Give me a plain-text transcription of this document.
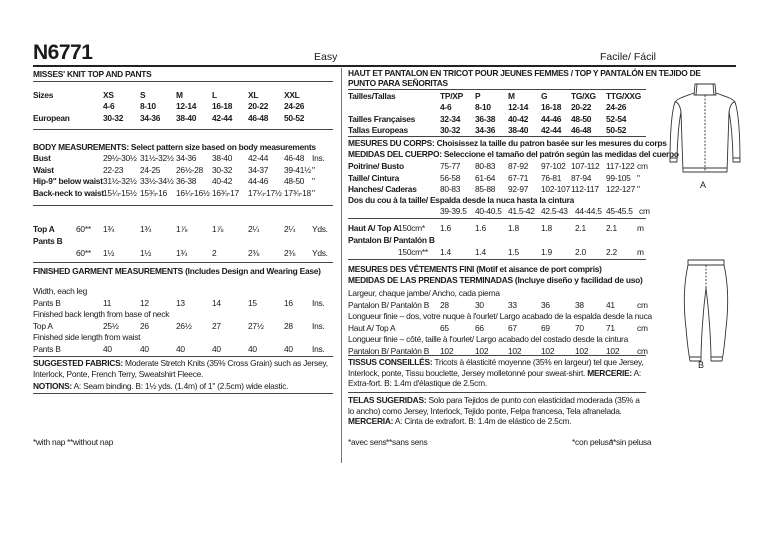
N6771	Easy	Facile/ Fácil
MISSES' KNIT TOP AND PANTS
Sizes	XS	S	M	L	XL	XXL
4-6	8-10 12-14 16-18 20-22 24-26
European	30-32 34-36 38-40 42-44 46-48 50-52
BODY MEASUREMENTS: Select pattern size based on body measurements
Bust	29½-30½ 31½-32½ 34-36 38-40 42-44 46-48 Ins.
Waist	22-23 24-25 26½-28 30-32 34-37 39-41½ "
Hip-9" below waist 31½-32½ 33½-34½ 36-38 40-42 44-46 48-50 "
Back-neck to waist 15¼-15½ 15¾-16 16¼-16½ 16¾-17 17¼-17½ 17¾-18 "
Top A	60** 1¾	1¾	1⅞	1⅞	2¼	2¼ Yds.
Pants B
60** 1½	1½	1¾	2	2⅜	2⅜ Yds.
FINISHED GARMENT MEASUREMENTS (Includes Design and Wearing Ease)
Width, each leg
Pants B	11	12	13	14	15	16 Ins.
Finished back length from base of neck
Top A	25½	26	26½ 27	27½ 28 Ins.
Finished side length from waist
Pants B	40	40	40	40	40	40 Ins.
SUGGESTED FABRICS: Moderate Stretch Knits (35% Cross Grain) such as Jersey, Interlock, Ponte, French Terry, Sweatshirt Fleece.
NOTIONS: A: Seam binding. B: 1½ yds. (1.4m) of 1" (2.5cm) wide elastic.
*with nap **without nap
HAUT ET PANTALON EN TRICOT POUR JEUNES FEMMES / TOP Y PANTALÓN EN TEJIDO DE
PUNTO PARA SEÑORITAS
Tailles/Tallas	TP/XP P	M	G	TG/XG TTG/XXG
4-6	8-10 12-14 16-18 20-22 24-26
Tailles Françaises	32-34 36-38 40-42 44-46 48-50 52-54
Tallas Europeas	30-32 34-36 38-40 42-44 46-48 50-52
MESURES DU CORPS: Choisissez la taille du patron basée sur les mesures du corps
MEDIDAS DEL CUERPO: Seleccione el tamaño del patrón según las medidas del cuerpo
Poitrine/ Busto	75-77 80-83 87-92 97-102 107-112 117-122 cm
Taille/ Cintura	56-58 61-64 67-71 76-81 87-94 99-105 "
Hanches/ Caderas	80-83 85-88 92-97 102-107 112-117 122-127 "
Dos du cou à la taille/ Espalda desde la nuca hasta la cintura
39-39.5 40-40.5 41.5-42 42.5-43 44-44.5 45-45.5 cm
Haut A/ Top A 150cm* 1.6	1.6	1.8	1.8	2.1 2.1 m
Pantalon B/ Pantalón B
150cm** 1.4	1.4	1.5	1.9	2.0 2.2 m
MESURES DES VÊTEMENTS FINI (Motif et aisance de port compris)
MEDIDAS DE LAS PRENDAS TERMINADAS (Incluye diseño y facilidad de uso)
Largeur, chaque jambe/ Ancho, cada pierna
Pantalon B/ Pantalón B 28	30	33	36	38	41	cm
Longueur finie – dos, votre nuque à l'ourlet/ Largo acabado de la espalda desde la nuca
Haut A/ Top A	65	66	67	69	70	71	cm
Longueur finie – côté, taille à l'ourlet/ Largo acabado del costado desde la cintura
Pantalon B/ Pantalón B 102	102 102 102 102 102 cm
TISSUS CONSEILLÉS: Tricots à élasticité moyenne (35% en largeur) tel que Jersey, Interlock, ponte, Tissu bouclette, Jersey molletonné pour sweat-shirt. MERCERIE: A: Extra-fort. B: 1.4m d'élastique de 2.5cm.
TELAS SUGERIDAS: Solo para Tejidos de punto con elasticidad moderada (35% a lo ancho) como Jersey, Interlock, Tejido ponte, Felpa francesa, Tela afranelada. MERCERIA: A: Cinta de extrafort. B: 1.4m de elástico de 2.5cm.
*avec sens **sans sens	*con pelusa
**sin pelusa
A
B
